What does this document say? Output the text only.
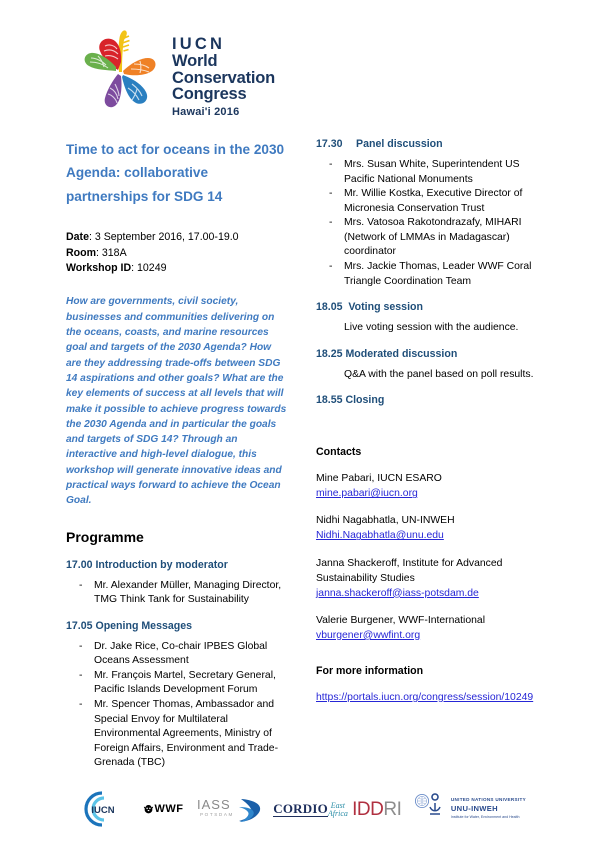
IUCN
World
Conservation
Congress
Hawai'i 2016
Time to act for oceans in the 2030 Agenda: collaborative partnerships for SDG 14
Date: 3 September 2016, 17.00-19.0
Room: 318A
Workshop ID: 10249
How are governments, civil society, businesses and communities delivering on the oceans, coasts, and marine resources goal and targets of the 2030 Agenda? How are they addressing trade-offs between SDG 14 aspirations and other goals? What are the key elements of success at all levels that will make it possible to achieve progress towards the 2030 Agenda and in particular the goals and targets of SDG 14? Through an interactive and high-level dialogue, this workshop will generate innovative ideas and practical ways forward to achieve the Ocean Goal.
Programme
17.00 Introduction by moderator
- Mr. Alexander Müller, Managing Director, TMG Think Tank for Sustainability
17.05 Opening Messages
- Dr. Jake Rice, Co-chair IPBES Global Oceans Assessment
- Mr. François Martel, Secretary General, Pacific Islands Development Forum
- Mr. Spencer Thomas, Ambassador and Special Envoy for Multilateral Environmental Agreements, Ministry of Foreign Affairs, Environment and Trade-Grenada (TBC)
17.30  Panel discussion
- Mrs. Susan White, Superintendent US Pacific National Monuments
- Mr. Willie Kostka, Executive Director of Micronesia Conservation Trust
- Mrs. Vatosoa Rakotondrazafy, MIHARI (Network of LMMAs in Madagascar) coordinator
- Mrs. Jackie Thomas, Leader WWF Coral Triangle Coordination Team
18.05  Voting session

Live voting session with the audience.

18.25 Moderated discussion

Q&A with the panel based on poll results.

18.55 Closing
Contacts
Mine Pabari, IUCN ESARO
mine.pabari@iucn.org
Nidhi Nagabhatla, UN-INWEH
Nidhi.Nagabhatla@unu.edu
Janna Shackeroff, Institute for Advanced Sustainability Studies
janna.shackeroff@iass-potsdam.de
Valerie Burgener, WWF-International
vburgener@wwfint.org
For more information
https://portals.iucn.org/congress/session/10249
IUCN	WWF IASS
POTSDAM	CORDIO East Africa IDD RI	UNITED NATIONS UNIVERSITY
UNU-INWEH
Institute for Water, Environment and Health
